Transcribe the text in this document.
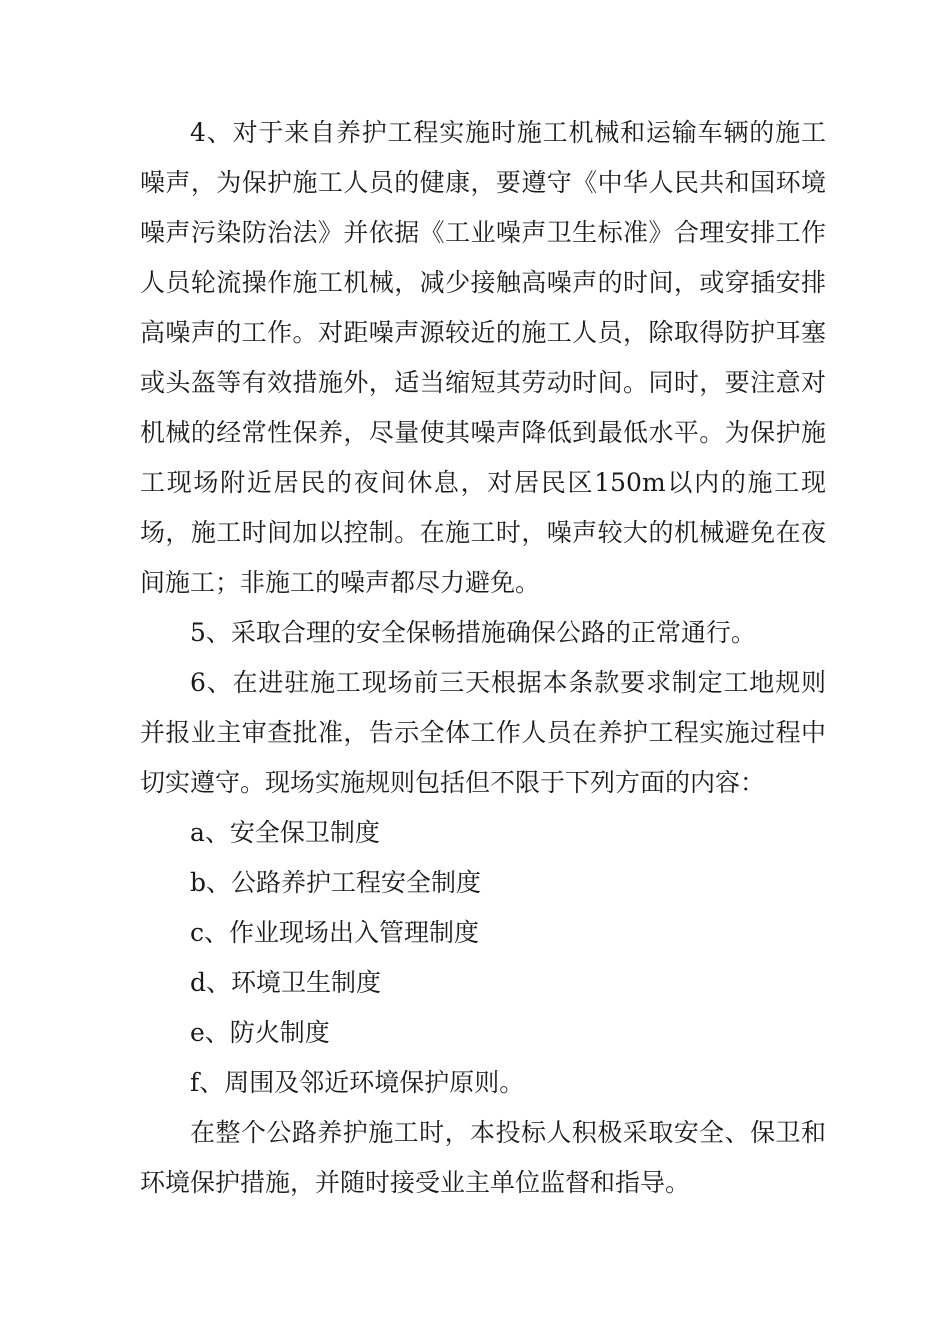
4、对于来自养护工程实施时施工机械和运输车辆的施工噪声，为保护施工人员的健康，要遵守《中华人民共和国环境噪声污染防治法》并依据《工业噪声卫生标准》合理安排工作人员轮流操作施工机械，减少接触高噪声的时间，或穿插安排高噪声的工作。对距噪声源较近的施工人员，除取得防护耳塞或头盔等有效措施外，适当缩短其劳动时间。同时，要注意对机械的经常性保养，尽量使其噪声降低到最低水平。为保护施工现场附近居民的夜间休息，对居民区150m以内的施工现场，施工时间加以控制。在施工时，噪声较大的机械避免在夜间施工；非施工的噪声都尽力避免。

5、采取合理的安全保畅措施确保公路的正常通行。

6、在进驻施工现场前三天根据本条款要求制定工地规则并报业主审查批准，告示全体工作人员在养护工程实施过程中切实遵守。现场实施规则包括但不限于下列方面的内容：

a、安全保卫制度

b、公路养护工程安全制度

c、作业现场出入管理制度

d、环境卫生制度

e、防火制度

f、周围及邻近环境保护原则。

在整个公路养护施工时，本投标人积极采取安全、保卫和环境保护措施，并随时接受业主单位监督和指导。
